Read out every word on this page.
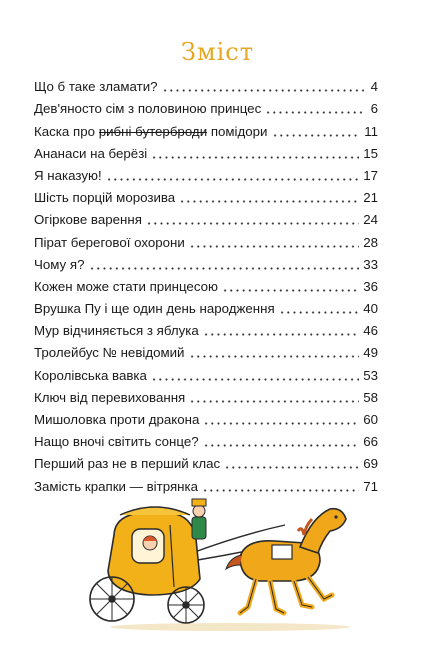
Зміст
Що б таке зламати?	4
Дев'яносто сім з половиною принцес	6
Каска про рибні бутерброди помідори	11
Ананаси на берёзі	15
Я наказую!	17
Шість порцій морозива	21
Огіркове варення	24
Пірат берегової охорони	28
Чому я?	33
Кожен може стати принцесою	36
Врушка Пу і ще один день народження	40
Мур відчиняється з яблука	46
Тролейбус № невідомий	49
Королівська вавка	53
Ключ від перевиховання	58
Мишоловка проти дракона	60
Нащо вночі світить сонце?	66
Перший раз не в перший клас	69
Замість крапки — вітрянка	71
